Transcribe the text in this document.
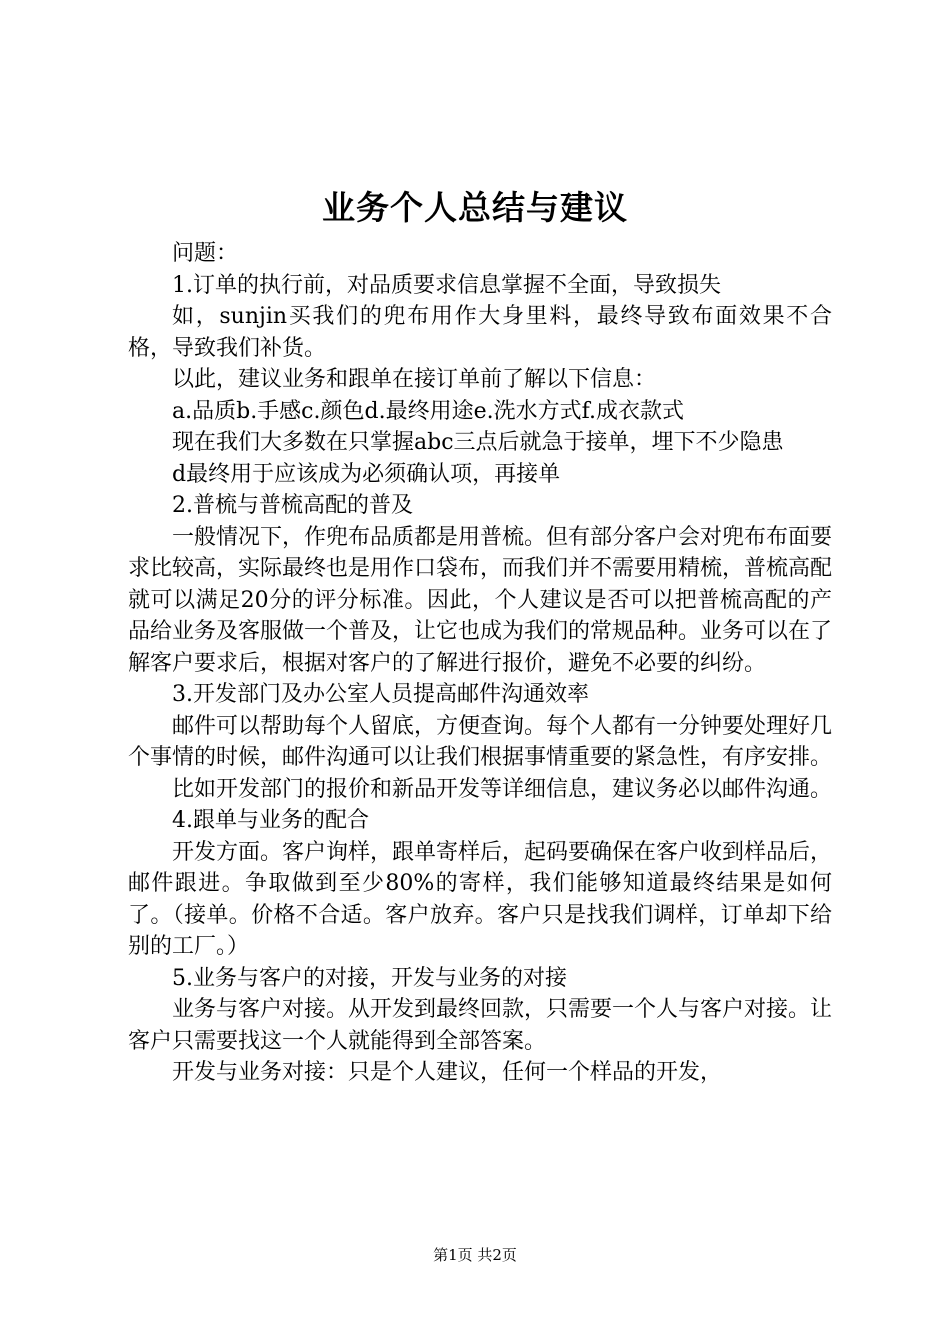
业务个人总结与建议

问题：

1.订单的执行前，对品质要求信息掌握不全面，导致损失

如，sunjin买我们的兜布用作大身里料，最终导致布面效果不合格，导致我们补货。

以此，建议业务和跟单在接订单前了解以下信息：

a.品质b.手感c.颜色d.最终用途e.洗水方式f.成衣款式

现在我们大多数在只掌握abc三点后就急于接单，埋下不少隐患

d最终用于应该成为必须确认项，再接单

2.普梳与普梳高配的普及

一般情况下，作兜布品质都是用普梳。但有部分客户会对兜布布面要求比较高，实际最终也是用作口袋布，而我们并不需要用精梳，普梳高配就可以满足20分的评分标准。因此，个人建议是否可以把普梳高配的产品给业务及客服做一个普及，让它也成为我们的常规品种。业务可以在了解客户要求后，根据对客户的了解进行报价，避免不必要的纠纷。

3.开发部门及办公室人员提高邮件沟通效率

邮件可以帮助每个人留底，方便查询。每个人都有一分钟要处理好几个事情的时候，邮件沟通可以让我们根据事情重要的紧急性，有序安排。

比如开发部门的报价和新品开发等详细信息，建议务必以邮件沟通。

4.跟单与业务的配合

开发方面。客户询样，跟单寄样后，起码要确保在客户收到样品后，邮件跟进。争取做到至少80%的寄样，我们能够知道最终结果是如何了。（接单。价格不合适。客户放弃。客户只是找我们调样，订单却下给别的工厂。）

5.业务与客户的对接，开发与业务的对接

业务与客户对接。从开发到最终回款，只需要一个人与客户对接。让客户只需要找这一个人就能得到全部答案。

开发与业务对接：只是个人建议，任何一个样品的开发，

第1页 共2页
